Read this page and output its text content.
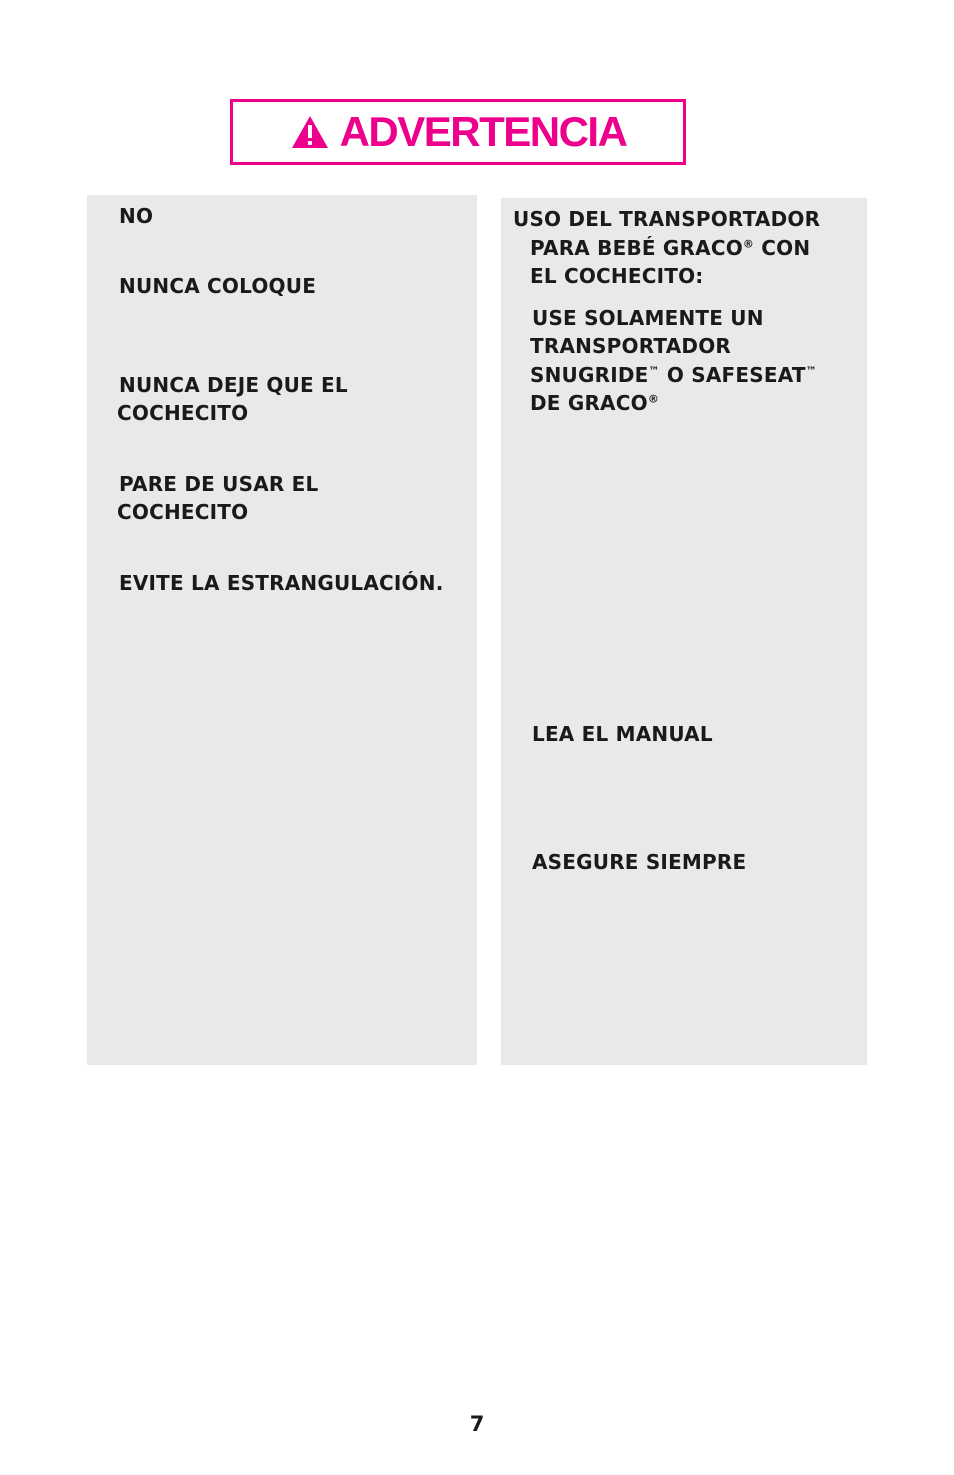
ADVERTENCIA

NO

NUNCA COLOQUE

NUNCA DEJE QUE EL

COCHECITO

PARE DE USAR EL

COCHECITO

EVITE LA ESTRANGULACIÓN.

USO DEL TRANSPORTADOR

PARA BEBÉ GRACO® CON

EL COCHECITO:

USE SOLAMENTE UN

TRANSPORTADOR

SNUGRIDE™ O SAFESEAT™

DE GRACO®

LEA EL MANUAL

ASEGURE SIEMPRE

7
